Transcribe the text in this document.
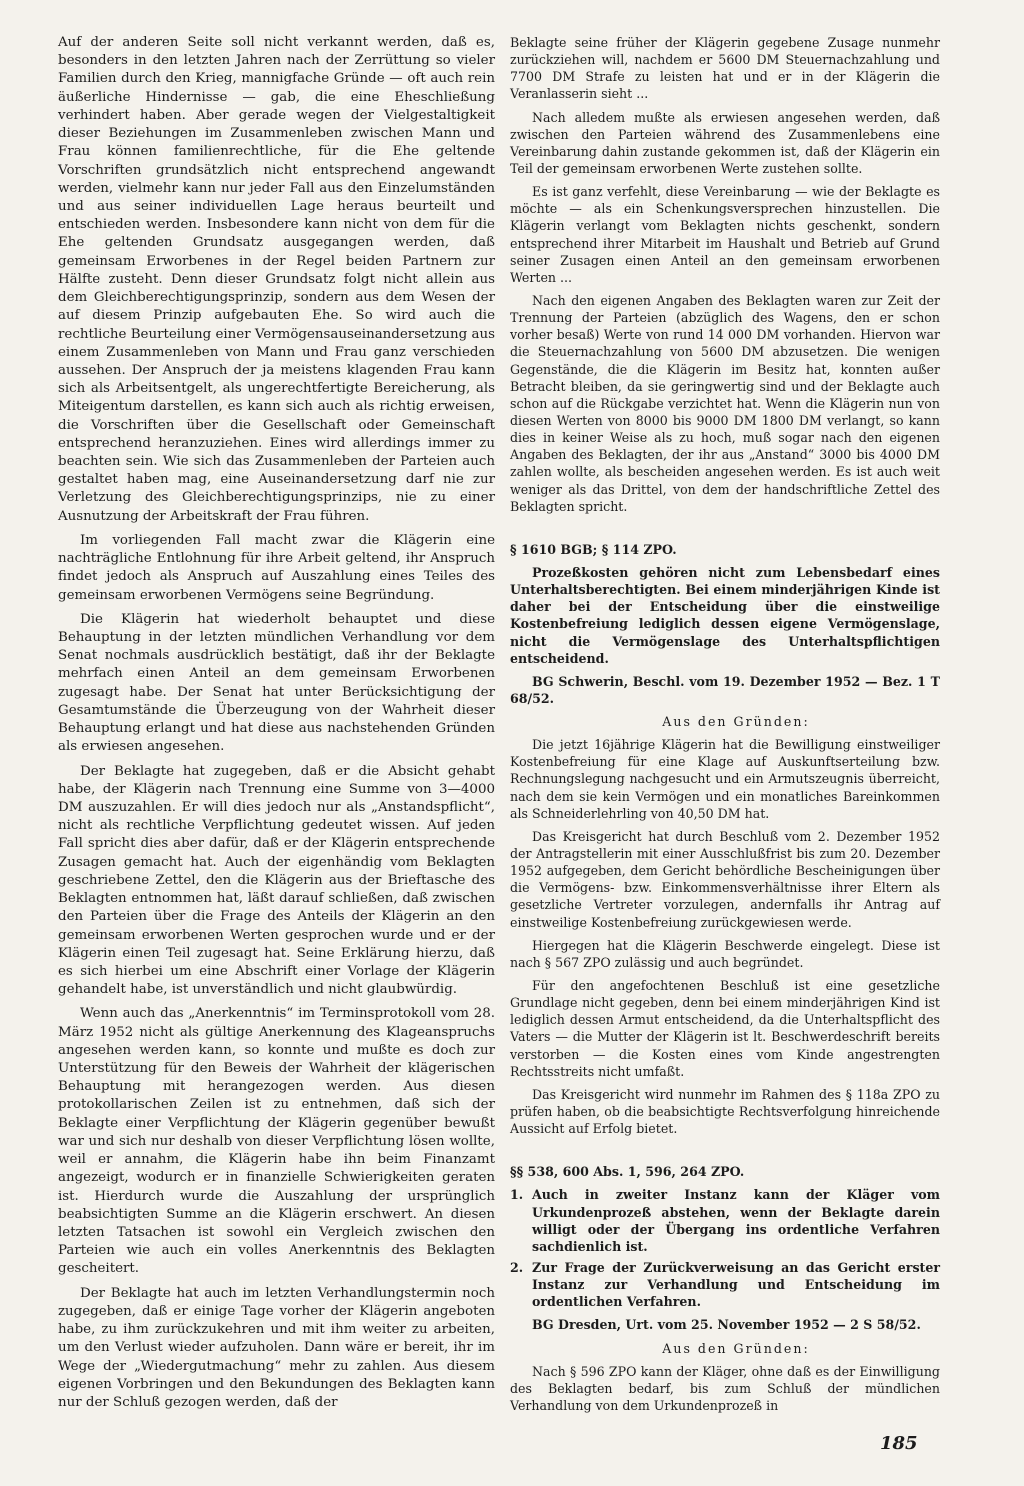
Auf der anderen Seite soll nicht verkannt werden, daß es, besonders in den letzten Jahren nach der Zerrüttung so vieler Familien durch den Krieg, mannigfache Gründe — oft auch rein äußerliche Hindernisse — gab, die eine Eheschließung verhindert haben. Aber gerade wegen der Vielgestaltigkeit dieser Beziehungen im Zusammenleben zwischen Mann und Frau können familienrechtliche, für die Ehe geltende Vorschriften grundsätzlich nicht entsprechend angewandt werden, vielmehr kann nur jeder Fall aus den Einzelumständen und aus seiner individuellen Lage heraus beurteilt und entschieden werden. Insbesondere kann nicht von dem für die Ehe geltenden Grundsatz ausgegangen werden, daß gemeinsam Erworbenes in der Regel beiden Partnern zur Hälfte zusteht. Denn dieser Grundsatz folgt nicht allein aus dem Gleichberechtigungsprinzip, sondern aus dem Wesen der auf diesem Prinzip aufgebauten Ehe. So wird auch die rechtliche Beurteilung einer Vermögensauseinandersetzung aus einem Zusammenleben von Mann und Frau ganz verschieden aussehen. Der Anspruch der ja meistens klagenden Frau kann sich als Arbeitsentgelt, als ungerechtfertigte Bereicherung, als Miteigentum darstellen, es kann sich auch als richtig erweisen, die Vorschriften über die Gesellschaft oder Gemeinschaft entsprechend heranzuziehen. Eines wird allerdings immer zu beachten sein. Wie sich das Zusammenleben der Parteien auch gestaltet haben mag, eine Auseinandersetzung darf nie zur Verletzung des Gleichberechtigungsprinzips, nie zu einer Ausnutzung der Arbeitskraft der Frau führen.

Im vorliegenden Fall macht zwar die Klägerin eine nachträgliche Entlohnung für ihre Arbeit geltend, ihr Anspruch findet jedoch als Anspruch auf Auszahlung eines Teiles des gemeinsam erworbenen Vermögens seine Begründung.

Die Klägerin hat wiederholt behauptet und diese Behauptung in der letzten mündlichen Verhandlung vor dem Senat nochmals ausdrücklich bestätigt, daß ihr der Beklagte mehrfach einen Anteil an dem gemeinsam Erworbenen zugesagt habe. Der Senat hat unter Berücksichtigung der Gesamtumstände die Überzeugung von der Wahrheit dieser Behauptung erlangt und hat diese aus nachstehenden Gründen als erwiesen angesehen.

Der Beklagte hat zugegeben, daß er die Absicht gehabt habe, der Klägerin nach Trennung eine Summe von 3—4000 DM auszuzahlen. Er will dies jedoch nur als „Anstandspflicht“, nicht als rechtliche Verpflichtung gedeutet wissen. Auf jeden Fall spricht dies aber dafür, daß er der Klägerin entsprechende Zusagen gemacht hat. Auch der eigenhändig vom Beklagten geschriebene Zettel, den die Klägerin aus der Brieftasche des Beklagten entnommen hat, läßt darauf schließen, daß zwischen den Parteien über die Frage des Anteils der Klägerin an den gemeinsam erworbenen Werten gesprochen wurde und er der Klägerin einen Teil zugesagt hat. Seine Erklärung hierzu, daß es sich hierbei um eine Abschrift einer Vorlage der Klägerin gehandelt habe, ist unverständlich und nicht glaubwürdig.

Wenn auch das „Anerkenntnis“ im Terminsprotokoll vom 28. März 1952 nicht als gültige Anerkennung des Klageanspruchs angesehen werden kann, so konnte und mußte es doch zur Unterstützung für den Beweis der Wahrheit der klägerischen Behauptung mit herangezogen werden. Aus diesen protokollarischen Zeilen ist zu entnehmen, daß sich der Beklagte einer Verpflichtung der Klägerin gegenüber bewußt war und sich nur deshalb von dieser Verpflichtung lösen wollte, weil er annahm, die Klägerin habe ihn beim Finanzamt angezeigt, wodurch er in finanzielle Schwierigkeiten geraten ist. Hierdurch wurde die Auszahlung der ursprünglich beabsichtigten Summe an die Klägerin erschwert. An diesen letzten Tatsachen ist sowohl ein Vergleich zwischen den Parteien wie auch ein volles Anerkenntnis des Beklagten gescheitert.

Der Beklagte hat auch im letzten Verhandlungstermin noch zugegeben, daß er einige Tage vorher der Klägerin angeboten habe, zu ihm zurückzukehren und mit ihm weiter zu arbeiten, um den Verlust wieder aufzuholen. Dann wäre er bereit, ihr im Wege der „Wiedergutmachung“ mehr zu zahlen. Aus diesem eigenen Vorbringen und den Bekundungen des Beklagten kann nur der Schluß gezogen werden, daß der

Beklagte seine früher der Klägerin gegebene Zusage nunmehr zurückziehen will, nachdem er 5600 DM Steuernachzahlung und 7700 DM Strafe zu leisten hat und er in der Klägerin die Veranlasserin sieht ...

Nach alledem mußte als erwiesen angesehen werden, daß zwischen den Parteien während des Zusammenlebens eine Vereinbarung dahin zustande gekommen ist, daß der Klägerin ein Teil der gemeinsam erworbenen Werte zustehen sollte.

Es ist ganz verfehlt, diese Vereinbarung — wie der Beklagte es möchte — als ein Schenkungsversprechen hinzustellen. Die Klägerin verlangt vom Beklagten nichts geschenkt, sondern entsprechend ihrer Mitarbeit im Haushalt und Betrieb auf Grund seiner Zusagen einen Anteil an den gemeinsam erworbenen Werten ...

Nach den eigenen Angaben des Beklagten waren zur Zeit der Trennung der Parteien (abzüglich des Wagens, den er schon vorher besaß) Werte von rund 14 000 DM vorhanden. Hiervon war die Steuernachzahlung von 5600 DM abzusetzen. Die wenigen Gegenstände, die die Klägerin im Besitz hat, konnten außer Betracht bleiben, da sie geringwertig sind und der Beklagte auch schon auf die Rückgabe verzichtet hat. Wenn die Klägerin nun von diesen Werten von 8000 bis 9000 DM 1800 DM verlangt, so kann dies in keiner Weise als zu hoch, muß sogar nach den eigenen Angaben des Beklagten, der ihr aus „Anstand“ 3000 bis 4000 DM zahlen wollte, als bescheiden angesehen werden. Es ist auch weit weniger als das Drittel, von dem der handschriftliche Zettel des Beklagten spricht.

§ 1610 BGB; § 114 ZPO.

Prozeßkosten gehören nicht zum Lebensbedarf eines Unterhaltsberechtigten. Bei einem minderjährigen Kinde ist daher bei der Entscheidung über die einstweilige Kostenbefreiung lediglich dessen eigene Vermögenslage, nicht die Vermögenslage des Unterhaltspflichtigen entscheidend.

BG Schwerin, Beschl. vom 19. Dezember 1952 — Bez. 1 T 68/52.

Aus den Gründen:

Die jetzt 16jährige Klägerin hat die Bewilligung einstweiliger Kostenbefreiung für eine Klage auf Auskunftserteilung bzw. Rechnungslegung nachgesucht und ein Armutszeugnis überreicht, nach dem sie kein Vermögen und ein monatliches Bareinkommen als Schneiderlehrling von 40,50 DM hat.

Das Kreisgericht hat durch Beschluß vom 2. Dezember 1952 der Antragstellerin mit einer Ausschlußfrist bis zum 20. Dezember 1952 aufgegeben, dem Gericht behördliche Bescheinigungen über die Vermögens- bzw. Einkommensverhältnisse ihrer Eltern als gesetzliche Vertreter vorzulegen, andernfalls ihr Antrag auf einstweilige Kostenbefreiung zurückgewiesen werde.

Hiergegen hat die Klägerin Beschwerde eingelegt. Diese ist nach § 567 ZPO zulässig und auch begründet.

Für den angefochtenen Beschluß ist eine gesetzliche Grundlage nicht gegeben, denn bei einem minderjährigen Kind ist lediglich dessen Armut entscheidend, da die Unterhaltspflicht des Vaters — die Mutter der Klägerin ist lt. Beschwerdeschrift bereits verstorben — die Kosten eines vom Kinde angestrengten Rechtsstreits nicht umfaßt.

Das Kreisgericht wird nunmehr im Rahmen des § 118a ZPO zu prüfen haben, ob die beabsichtigte Rechtsverfolgung hinreichende Aussicht auf Erfolg bietet.

§§ 538, 600 Abs. 1, 596, 264 ZPO.
1. Auch in zweiter Instanz kann der Kläger vom Urkundenprozeß abstehen, wenn der Beklagte darein willigt oder der Übergang ins ordentliche Verfahren sachdienlich ist.
2. Zur Frage der Zurückverweisung an das Gericht erster Instanz zur Verhandlung und Entscheidung im ordentlichen Verfahren.

BG Dresden, Urt. vom 25. November 1952 — 2 S 58/52.

Aus den Gründen:

Nach § 596 ZPO kann der Kläger, ohne daß es der Einwilligung des Beklagten bedarf, bis zum Schluß der mündlichen Verhandlung von dem Urkundenprozeß in

185
